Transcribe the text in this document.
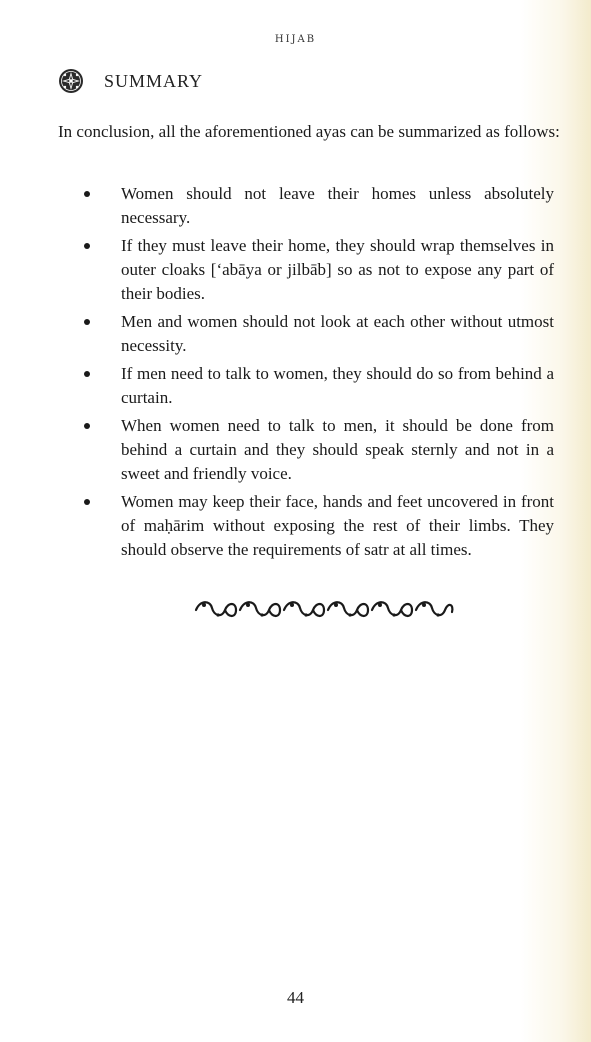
HIJAB
SUMMARY

In conclusion, all the aforementioned ayas can be summarized as follows:

Women should not leave their homes unless absolutely necessary.
If they must leave their home, they should wrap themselves in outer cloaks [‘abāya or jilbāb] so as not to expose any part of their bodies.
Men and women should not look at each other without utmost necessity.
If men need to talk to women, they should do so from behind a curtain.
When women need to talk to men, it should be done from behind a curtain and they should speak sternly and not in a sweet and friendly voice.
Women may keep their face, hands and feet uncovered in front of maḥārim without exposing the rest of their limbs. They should observe the requirements of satr at all times.
44
